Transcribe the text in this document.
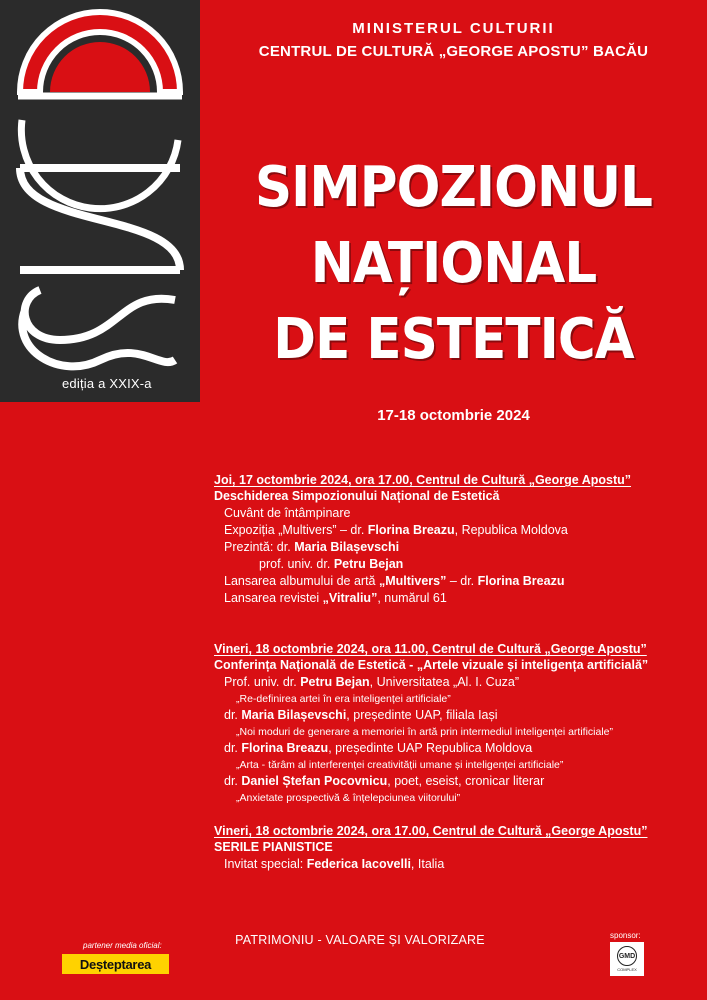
ediția a XXIX-a
MINISTERUL CULTURII
CENTRUL DE CULTURĂ „GEORGE APOSTU” BACĂU
SIMPOZIONUL
NAȚIONAL
DE ESTETICĂ
17-18 octombrie 2024
Joi, 17 octombrie 2024, ora 17.00, Centrul de Cultură „George Apostu”
Deschiderea Simpozionului Național de Estetică
Cuvânt de întâmpinare
Expoziția „Multivers” – dr. Florina Breazu, Republica Moldova
Prezintă: dr. Maria Bilașevschi
prof. univ. dr. Petru Bejan
Lansarea albumului de artă „Multivers” – dr. Florina Breazu
Lansarea revistei „Vitraliu”, numărul 61
Vineri, 18 octombrie 2024, ora 11.00, Centrul de Cultură „George Apostu”
Conferința Națională de Estetică - „Artele vizuale și inteligența artificială”
Prof. univ. dr. Petru Bejan, Universitatea „Al. I. Cuza”
„Re-definirea artei în era inteligenței artificiale”
dr. Maria Bilașevschi, președinte UAP, filiala Iași
„Noi moduri de generare a memoriei în artă prin intermediul inteligenței artificiale”
dr. Florina Breazu, președinte UAP Republica Moldova
„Arta - tărâm al interferenței creativității umane și inteligenței artificiale”
dr. Daniel Ștefan Pocovnicu, poet, eseist, cronicar literar
„Anxietate prospectivă & înțelepciunea viitorului”
Vineri, 18 octombrie 2024, ora 17.00, Centrul de Cultură „George Apostu”
SERILE PIANISTICE
Invitat special: Federica Iacovelli, Italia
PATRIMONIU - VALOARE ȘI VALORIZARE
partener media oficial:
Deșteptarea
sponsor:
GMD
COMPLEX
